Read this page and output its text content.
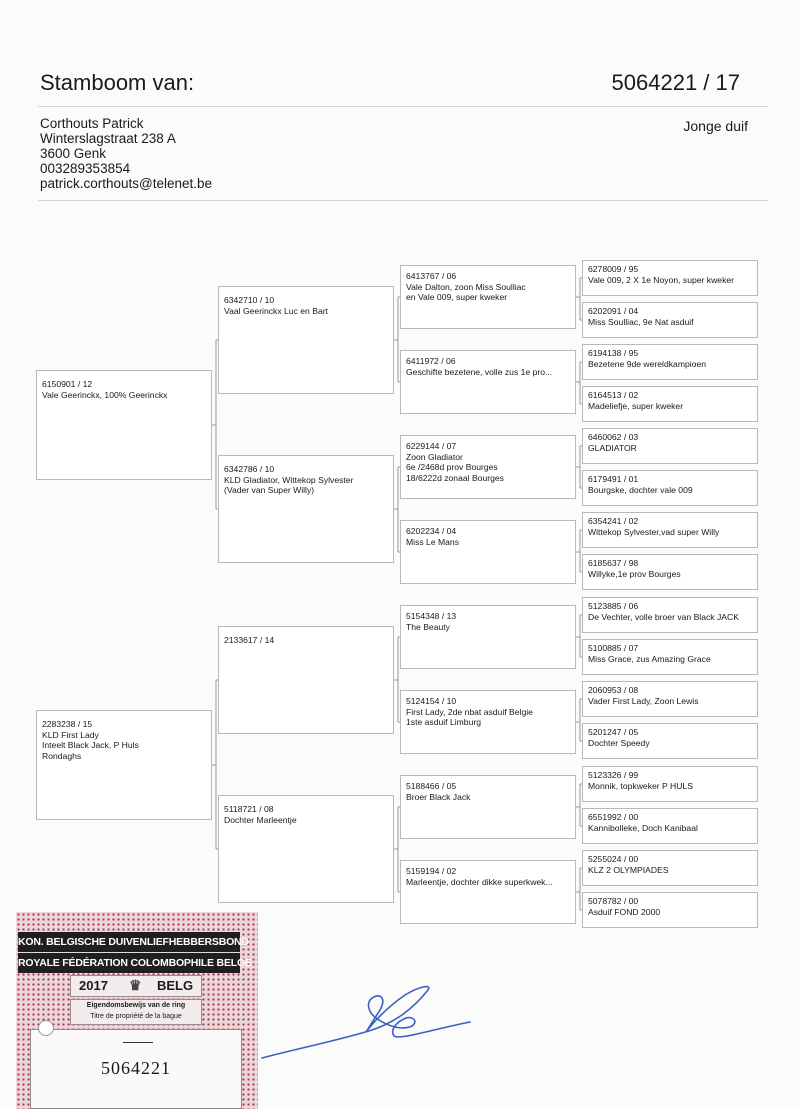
Stamboom van:	5064221 / 17
Corthouts Patrick
Winterslagstraat 238 A
3600 Genk
003289353854
patrick.corthouts@telenet.be
Jonge duif
6150901 / 12
Vale Geerinckx, 100% Geerinckx
2283238 / 15
KLD First Lady
Inteelt Black Jack, P Huls
Rondaghs
6342710 / 10
Vaal Geerinckx Luc en Bart
6342786 / 10
KLD Gladiator, Wittekop Sylvester
(Vader van Super Willy)
2133617 / 14
5118721 / 08
Dochter Marleentje
6413767 / 06
Vale Dalton, zoon Miss Soulliac
en Vale 009, super kweker
6411972 / 06
Geschifte bezetene, volle zus 1e pro...
6229144 / 07
Zoon Gladiator
6e /2468d prov Bourges
18/6222d zonaal Bourges
6202234 / 04
Miss Le Mans
5154348 / 13
The Beauty
5124154 / 10
First Lady, 2de nbat asduif Belgie
1ste asduif Limburg
5188466 / 05
Broer Black Jack
5159194 / 02
Marleentje, dochter dikke superkwek...
6278009 / 95
Vale 009, 2 X 1e Noyon, super kweker
6202091 / 04
Miss Soulliac, 9e Nat asduif
6194138 / 95
Bezetene 9de wereldkampioen
6164513 / 02
Madeliefje, super kweker
6460062 / 03
GLADIATOR
6179491 / 01
Bourgske, dochter vale 009
6354241 / 02
Wittekop Sylvester,vad super Willy
6185637 / 98
Willyke,1e prov Bourges
5123885 / 06
De Vechter, volle broer van Black JACK
5100885 / 07
Miss Grace, zus Amazing Grace
2060953 / 08
Vader First Lady, Zoon Lewis
5201247 / 05
Dochter Speedy
5123326 / 99
Monnik, topkweker P HULS
6551992 / 00
Kannibolleke, Doch Kanibaal
5255024 / 00
KLZ 2 OLYMPIADES
5078782 / 00
Asduif FOND 2000
KON. BELGISCHE DUIVENLIEFHEBBERSBOND
ROYALE FÉDÉRATION COLOMBOPHILE BELGE
2017 ♛ BELG
Eigendomsbewijs van de ring
Titre de propriété de la bague
5064221
